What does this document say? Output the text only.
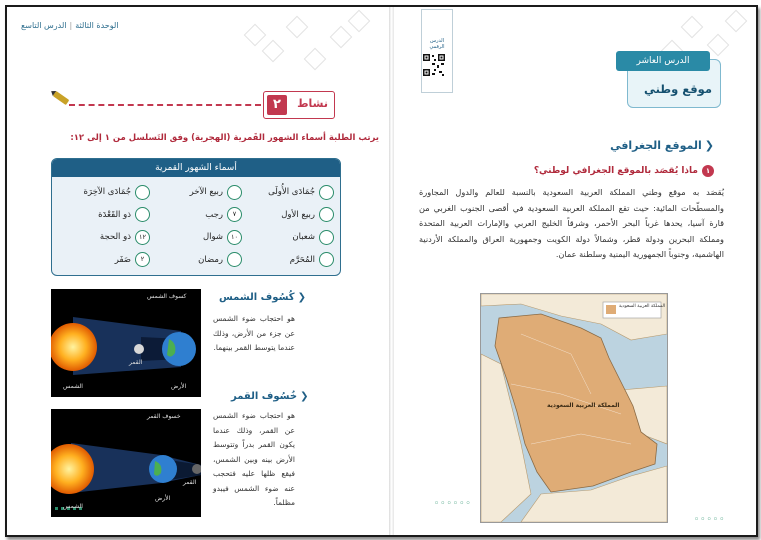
الوحدة الثالثة|الدرس التاسع
٢	نشاط
يرتب الطلبة أسماء الشهور القَمرية (الهجرية) وفق التَسلسل من ١ إلى ١٢:
أسماء الشهور القمرية
جُمَادَى الأُولَى
ربيع الآخر
جُمَادَى الآخِرَة
ربيع الأول
٧
رجب
ذو القَعْدَة
شعبان
١٠
شوال
١٢
ذو الحجة
المُحَرَّم
رمضان
٢
صَفَر
كسوف الشمس
الشمس
القمر
الأرض
❮كُسُوف الشمس
هو احتجاب ضوء الشمس عن جزء من الأرض، وذلك عندما يتوسط القمر بينهما.
خسوف القمر
الشمس
القمر
الأرض
❮خُسُوف القمر
هو احتجاب ضوء الشمس عن القمر، وذلك عندما يكون القمر بدراً وتتوسط الأرض بينه وبين الشمس، فيقع ظلها عليه فتحجب عنه ضوء الشمس فيبدو مظلماً.
الدرس الرقمي
الدرس العاشر
موقع وطني
❮الموقع الجغرافي
١
ماذا يُقصَد بالموقع الجغرافي لوطني؟
يُقصَد به موقع وطني المملكة العربية السعودية بالنسبة للعالم والدول المجاورة والمسطّحات المائية: حيث تقع المملكة العربية السعودية في أقصى الجنوب الغربي من قارة آسيا، يحدها غرباً البحر الأحمر، وشرقاً الخليج العربي والإمارات العربية المتحدة ومملكة البحرين ودولة قطر، وشمالاً دولة الكويت وجمهورية العراق والمملكة الأردنية الهاشمية، وجنوباً الجمهورية اليمنية وسلطنة عمان.
المملكة العربية السعودية
المملكة العربية السعودية
◦◦◦◦◦◦
◦◦◦◦◦
